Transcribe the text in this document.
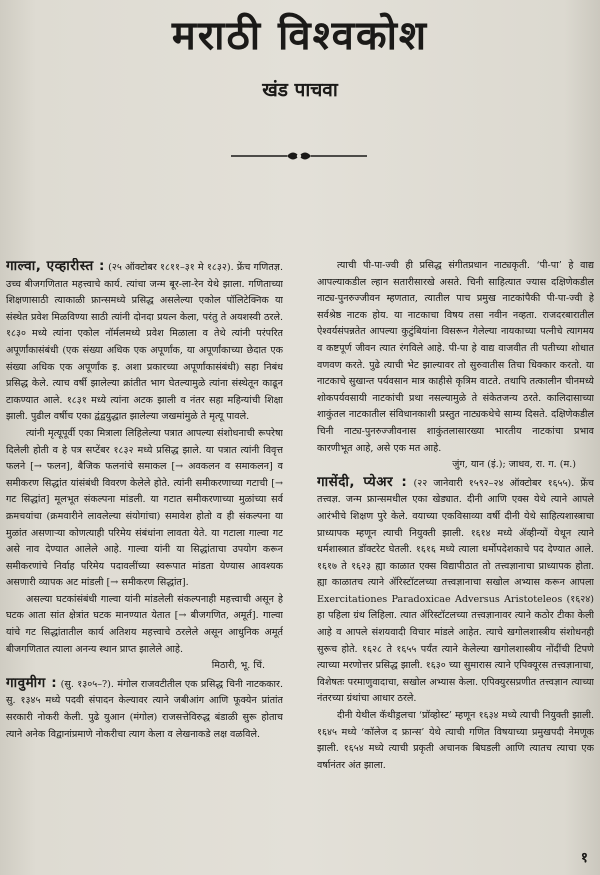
मराठी विश्वकोश
खंड पाचवा

गाल्वा, एव्हारीस्त : (२५ ऑक्टोबर १८११–३१ मे १८३२). फ्रेंच गणितज्ञ. उच्च बीजगणितात महत्त्वाचे कार्य. त्यांचा जन्म बूर-ला-रेन येथे झाला. गणिताच्या शिक्षणासाठी त्याकाळी फ्रान्समध्ये प्रसिद्ध असलेल्या एकोल पॉलिटेक्निक या संस्थेत प्रवेश मिळविण्या साठी त्यांनी दोनदा प्रयत्न केला, परंतु ते अयशस्वी ठरले. १८३० मध्ये त्यांना एकोल नॉर्मलमध्ये प्रवेश मिळाला व तेथे त्यांनी परंपरित अपूर्णांकासंबंधी (एक संख्या अधिक एक अपूर्णांक, या अपूर्णांकाच्या छेदात एक संख्या अधिक एक अपूर्णांक इ. अशा प्रकारच्या अपूर्णांकासंबंधी) सहा निबंध प्रसिद्ध केले. त्याच वर्षी झालेल्या क्रांतीत भाग घेतल्यामुळे त्यांना संस्थेतून काढून टाकण्यात आले. १८३१ मध्ये त्यांना अटक झाली व नंतर सहा महिन्यांची शिक्षा झाली. पुढील वर्षीच एका द्वंद्वयुद्धात झालेल्या जखमांमुळे ते मृत्यू पावले.

त्यांनी मृत्यूपूर्वी एका मित्राला लिहिलेल्या पत्रात आपल्या संशोधनाची रूपरेषा दिलेली होती व हे पत्र सप्टेंबर १८३२ मध्ये प्रसिद्ध झाले. या पत्रात त्यांनी विवृत्त फलने [→ फलन], बैजिक फलनांचे समाकल [→ अवकलन व समाकलन] व समीकरण सिद्धांत यांसंबंधी विवरण केलेले होते. त्यांनी समीकरणाच्या गटाची [→ गट सिद्धांत] मूलभूत संकल्पना मांडली. या गटात समीकरणाच्या मुळांच्या सर्व क्रमचयांचा (क्रमवारीने लावलेल्या संयोगांचा) समावेश होतो व ही संकल्पना या मुळांत असणाऱ्या कोणत्याही परिमेय संबंधांना लावता येते. या गटाला गाल्वा गट असे नाव देण्यात आलेले आहे. गाल्वा यांनी या सिद्धांताचा उपयोग करून समीकरणांचे निर्वाह परिमेय पदावलींच्या स्वरूपात मांडता येण्यास आवश्यक असणारी व्यापक अट मांडली [→ समीकरण सिद्धांत].

असल्या घटकांसंबंधी गाल्वा यांनी मांडलेली संकल्पनाही महत्त्वाची असून हे घटक आता सांत क्षेत्रांत घटक मानण्यात येतात [→ बीजगणित, अमूर्त]. गाल्वा यांचे गट सिद्धांतातील कार्य अतिशय महत्त्वाचे ठरलेले असून आधुनिक अमूर्त बीजगणितात त्याला अनन्य स्थान प्राप्त झालेले आहे.

मिठारी, भू. चिं.

गावुमीग : (सु. १३०५–?). मंगोल राजवटीतील एक प्रसिद्ध चिनी नाटककार. सु. १३४५ मध्ये पदवी संपादन केल्यावर त्याने जबीआंग आणि फूक्येन प्रांतांत सरकारी नोकरी केली. पुढे युआन (मंगोल) राजसत्तेविरुद्ध बंडाळी सुरू होताच त्याने अनेक विद्वानांप्रमाणे नोकरीचा त्याग केला व लेखनाकडे लक्ष वळविले.

त्याची पी-पा-ज्वी ही प्रसिद्ध संगीतप्रधान नाट्यकृती. ‘पी-पा’ हे वाद्य आपल्याकडील ल्हान सतारीसारखे असते. चिनी साहित्यात ज्यास दक्षिणेकडील नाट्य-पुनरुज्जीवन म्हणतात, त्यातील पाच प्रमुख नाटकांपैकी पी-पा-ज्वी हे सर्वश्रेष्ठ नाटक होय. या नाटकाचा विषय तसा नवीन नव्हता. राजदरबारातील ऐश्वर्यसंपन्नतेत आपल्या कुटुंबियांना विसरून गेलेल्या नायकाच्या पत्नीचे त्यागमय व कष्टपूर्ण जीवन त्यात रंगविले आहे. पी-पा हे वाद्य वाजवीत ती पतीच्या शोधात वणवण करते. पुढे त्याची भेट झाल्यावर तो सुरुवातीस तिचा धिक्कार करतो. या नाटकाचे सुखान्त पर्यवसान मात्र काहीसे कृत्रिम वाटते. तथापि तत्कालीन चीनमध्ये शोकपर्यवसायी नाटकांची प्रथा नसल्यामुळे ते संकेतजन्य ठरते. कालिदासाच्या शाकुंतल नाटकातील संविधानकाशी प्रस्तुत नाट्यकथेचे साम्य दिसते. दक्षिणेकडील चिनी नाट्य-पुनरुज्जीवनास शाकुंतलासारख्या भारतीय नाटकांचा प्रभाव कारणीभूत आहे, असे एक मत आहे.

जुंग, यान (इं.); जाधव, रा. ग. (म.)

गासेंदी, प्येअर : (२२ जानेवारी १५९२–२४ ऑक्टोबर १६५५). फ्रेंच तत्त्वज्ञ. जन्म फ्रान्समधील एका खेड्यात. दीनी आणि एक्स येथे त्याने आपले आरंभीचे शिक्षण पुरे केले. वयाच्या एकविसाव्या वर्षी दीनी येथे साहित्यशास्त्राचा प्राध्यापक म्हणून त्याची नियुक्ती झाली. १६१४ मध्ये ॲव्हीन्यों येथून त्याने धर्मशास्त्रात डॉक्टरेट घेतली. १६१६ मध्ये त्याला धर्मोपदेशकाचे पद देण्यात आले. १६१७ ते १६२३ ह्या काळात एक्स विद्यापीठात तो तत्त्वज्ञानाचा प्राध्यापक होता. ह्या काळातच त्याने ॲरिस्टॉटलच्या तत्त्वज्ञानाचा सखोल अभ्यास करून आपला Exercitationes Paradoxicae Adversus Aristoteleos (१६२४) हा पहिला ग्रंथ लिहिला. त्यात ॲरिस्टॉटलच्या तत्त्वज्ञानावर त्याने कठोर टीका केली आहे व आपले संशयवादी विचार मांडले आहेत. त्याचे खगोलशास्त्रीय संशोधनही सुरूच होते. १६२८ ते १६५५ पर्यंत त्याने केलेल्या खगोलशास्त्रीय नोंदींची टिपणे त्याच्या मरणोत्तर प्रसिद्ध झाली. १६३० च्या सुमारास त्याने एपिक्यूरस तत्त्वज्ञानाचा, विशेषतः परमाणुवादाचा, सखोल अभ्यास केला. एपिक्युरसप्रणीत तत्त्वज्ञान त्याच्या नंतरच्या ग्रंथांचा आधार ठरले.

दीनी येथील कॅथीड्रलचा ‘प्रॉव्होस्ट’ म्हणून १६३४ मध्ये त्याची नियुक्ती झाली. १६४५ मध्ये ‘कॉलेज द फ्रान्स’ येथे त्याची गणित विषयाच्या प्रमुखपदी नेमणूक झाली. १६५४ मध्ये त्याची प्रकृती अचानक बिघडली आणि त्यातच त्याचा एक वर्षानंतर अंत झाला.

१
